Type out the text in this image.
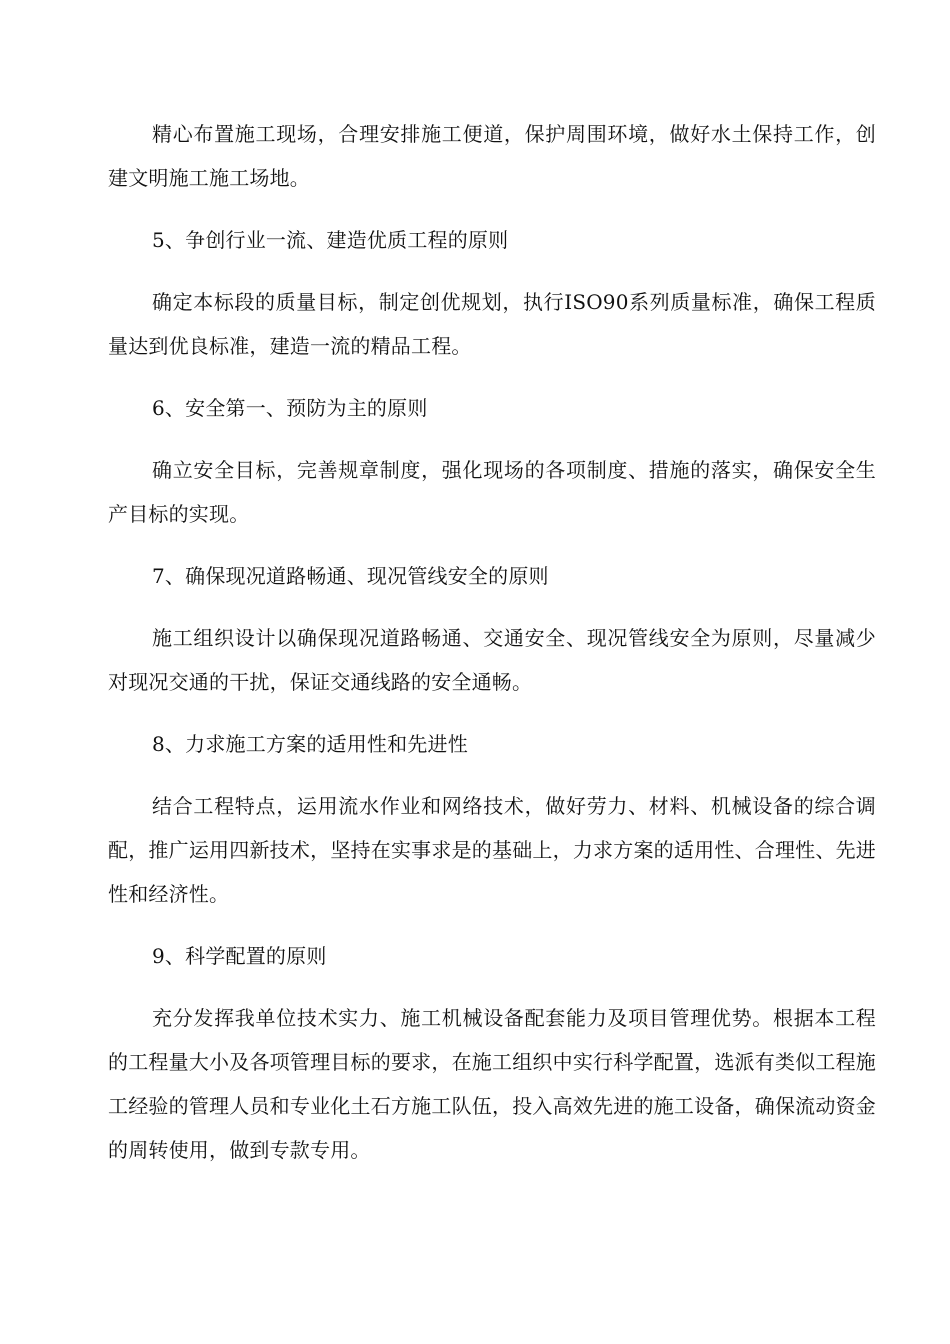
精心布置施工现场，合理安排施工便道，保护周围环境，做好水土保持工作，创建文明施工施工场地。

5、争创行业一流、建造优质工程的原则

确定本标段的质量目标，制定创优规划，执行ISO90系列质量标准，确保工程质量达到优良标准，建造一流的精品工程。

6、安全第一、预防为主的原则

确立安全目标，完善规章制度，强化现场的各项制度、措施的落实，确保安全生产目标的实现。

7、确保现况道路畅通、现况管线安全的原则

施工组织设计以确保现况道路畅通、交通安全、现况管线安全为原则，尽量减少对现况交通的干扰，保证交通线路的安全通畅。

8、力求施工方案的适用性和先进性

结合工程特点，运用流水作业和网络技术，做好劳力、材料、机械设备的综合调配，推广运用四新技术，坚持在实事求是的基础上，力求方案的适用性、合理性、先进性和经济性。

9、科学配置的原则

充分发挥我单位技术实力、施工机械设备配套能力及项目管理优势。根据本工程的工程量大小及各项管理目标的要求，在施工组织中实行科学配置，选派有类似工程施工经验的管理人员和专业化土石方施工队伍，投入高效先进的施工设备，确保流动资金的周转使用，做到专款专用。
